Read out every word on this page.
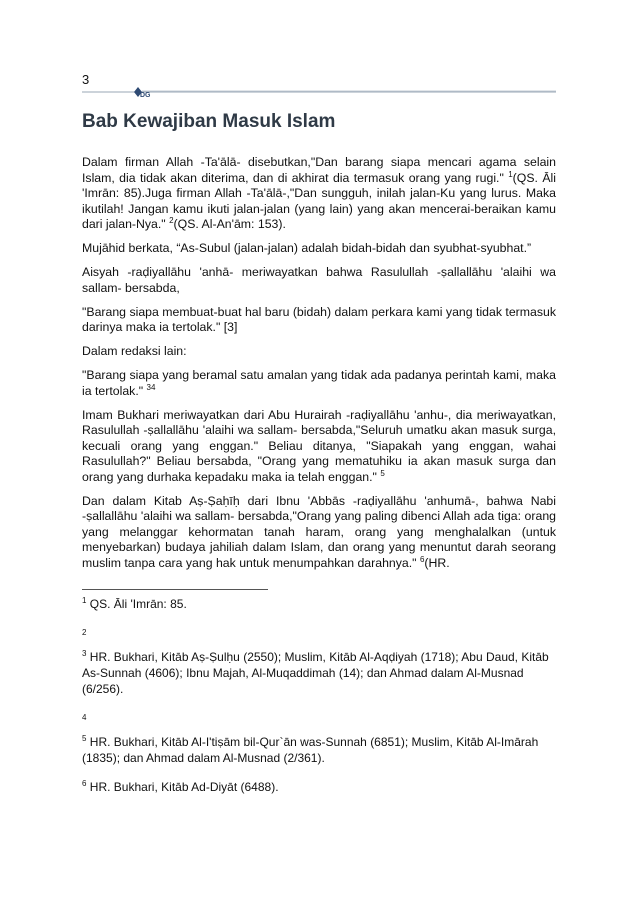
3
DG
Bab Kewajiban Masuk Islam

Dalam firman Allah -Ta'ālā- disebutkan,"Dan barang siapa mencari agama selain Islam, dia tidak akan diterima, dan di akhirat dia termasuk orang yang rugi." $^1$(QS. Āli 'Imrān: 85).Juga firman Allah -Ta'ālā-,"Dan sungguh, inilah jalan-Ku yang lurus. Maka ikutilah! Jangan kamu ikuti jalan-jalan (yang lain) yang akan mencerai-beraikan kamu dari jalan-Nya." $^2$(QS. Al-An'ām: 153).

Mujāhid berkata, “As-Subul (jalan-jalan) adalah bidah-bidah dan syubhat-syubhat.”

Aisyah -raḍiyallāhu 'anhā- meriwayatkan bahwa Rasulullah -ṣallallāhu 'alaihi wa sallam- bersabda,

"Barang siapa membuat-buat hal baru (bidah) dalam perkara kami yang tidak termasuk darinya maka ia tertolak." [3]

Dalam redaksi lain:

"Barang siapa yang beramal satu amalan yang tidak ada padanya perintah kami, maka ia tertolak." $^{34}$

Imam Bukhari meriwayatkan dari Abu Hurairah -raḍiyallāhu 'anhu-, dia meriwayatkan, Rasulullah -ṣallallāhu 'alaihi wa sallam- bersabda,"Seluruh umatku akan masuk surga, kecuali orang yang enggan." Beliau ditanya, "Siapakah yang enggan, wahai Rasulullah?" Beliau bersabda, "Orang yang mematuhiku ia akan masuk surga dan orang yang durhaka kepadaku maka ia telah enggan." $^5$

Dan dalam Kitab Aṣ-Ṣaḥīḥ dari Ibnu 'Abbās -raḍiyallāhu 'anhumā-, bahwa Nabi -ṣallallāhu 'alaihi wa sallam- bersabda,"Orang yang paling dibenci Allah ada tiga: orang yang melanggar kehormatan tanah haram, orang yang menghalalkan (untuk menyebarkan) budaya jahiliah dalam Islam, dan orang yang menuntut darah seorang muslim tanpa cara yang hak untuk menumpahkan darahnya." $^6$(HR.

$^1$ QS. Āli 'Imrān: 85.

2

$^3$ HR. Bukhari, Kitāb Aṣ-Ṣulḥu (2550); Muslim, Kitāb Al-Aqḍiyah (1718); Abu Daud, Kitāb As-Sunnah (4606); Ibnu Majah, Al-Muqaddimah (14); dan Ahmad dalam Al-Musnad (6/256).

4

$^5$ HR. Bukhari, Kitāb Al-I'tiṣām bil-Qur`ān was-Sunnah (6851); Muslim, Kitāb Al-Imārah (1835); dan Ahmad dalam Al-Musnad (2/361).

$^6$ HR. Bukhari, Kitāb Ad-Diyāt (6488).
